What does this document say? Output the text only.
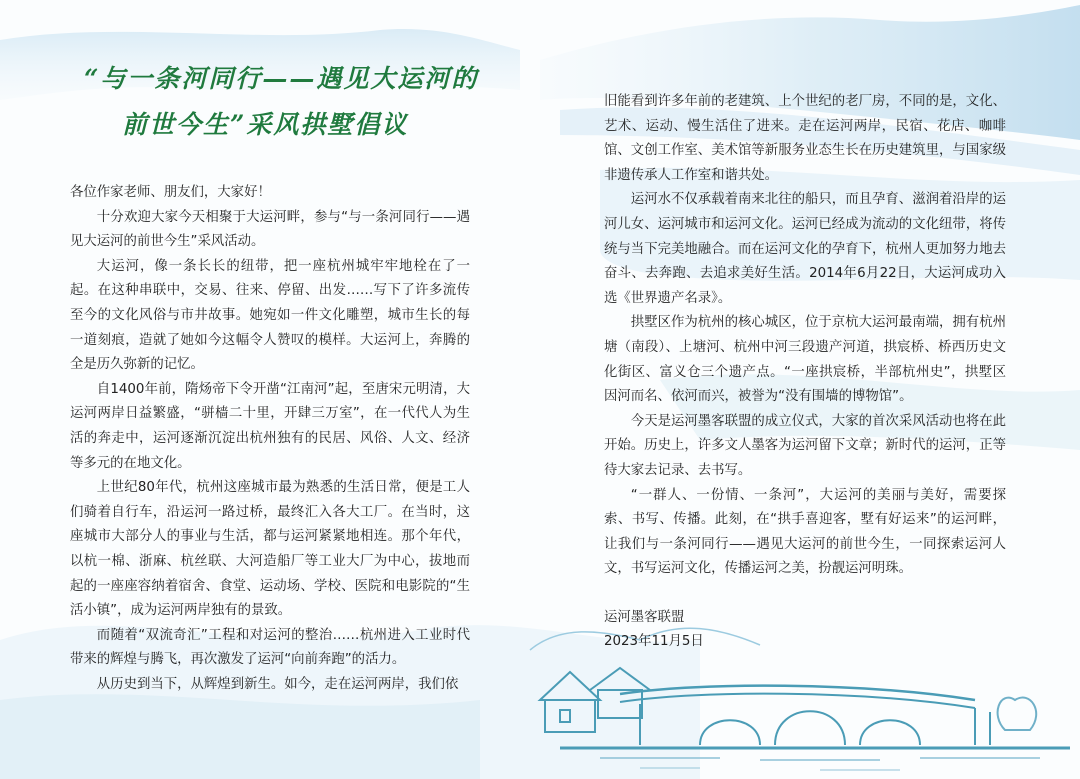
“与一条河同行——遇见大运河的
前世今生”采风拱墅倡议

各位作家老师、朋友们，大家好！

十分欢迎大家今天相聚于大运河畔，参与“与一条河同行——遇见大运河的前世今生”采风活动。

大运河，像一条长长的纽带，把一座杭州城牢牢地栓在了一起。在这种串联中，交易、往来、停留、出发……写下了许多流传至今的文化风俗与市井故事。她宛如一件文化雕塑，城市生长的每一道刻痕，造就了她如今这幅令人赞叹的模样。大运河上，奔腾的全是历久弥新的记忆。

自1400年前，隋炀帝下令开凿“江南河”起，至唐宋元明清，大运河两岸日益繁盛，“骈樯二十里，开肆三万室”，在一代代人为生活的奔走中，运河逐渐沉淀出杭州独有的民居、风俗、人文、经济等多元的在地文化。

上世纪80年代，杭州这座城市最为熟悉的生活日常，便是工人们骑着自行车，沿运河一路过桥，最终汇入各大工厂。在当时，这座城市大部分人的事业与生活，都与运河紧紧地相连。那个年代，以杭一棉、浙麻、杭丝联、大河造船厂等工业大厂为中心，拔地而起的一座座容纳着宿舍、食堂、运动场、学校、医院和电影院的“生活小镇”，成为运河两岸独有的景致。

而随着“双流奇汇”工程和对运河的整治……杭州进入工业时代带来的辉煌与腾飞，再次激发了运河“向前奔跑”的活力。

从历史到当下，从辉煌到新生。如今，走在运河两岸，我们依

旧能看到许多年前的老建筑、上个世纪的老厂房，不同的是，文化、艺术、运动、慢生活住了进来。走在运河两岸，民宿、花店、咖啡馆、文创工作室、美术馆等新服务业态生长在历史建筑里，与国家级非遗传承人工作室和谐共处。

运河水不仅承载着南来北往的船只，而且孕育、滋润着沿岸的运河儿女、运河城市和运河文化。运河已经成为流动的文化纽带，将传统与当下完美地融合。而在运河文化的孕育下，杭州人更加努力地去奋斗、去奔跑、去追求美好生活。2014年6月22日，大运河成功入选《世界遗产名录》。

拱墅区作为杭州的核心城区，位于京杭大运河最南端，拥有杭州塘（南段）、上塘河、杭州中河三段遗产河道，拱宸桥、桥西历史文化街区、富义仓三个遗产点。“一座拱宸桥，半部杭州史”，拱墅区因河而名、依河而兴，被誉为“没有围墙的博物馆”。

今天是运河墨客联盟的成立仪式，大家的首次采风活动也将在此开始。历史上，许多文人墨客为运河留下文章；新时代的运河，正等待大家去记录、去书写。

“一群人、一份情、一条河”，大运河的美丽与美好，需要探索、书写、传播。此刻，在“拱手喜迎客，墅有好运来”的运河畔，让我们与一条河同行——遇见大运河的前世今生，一同探索运河人文，书写运河文化，传播运河之美，扮靓运河明珠。

运河墨客联盟

2023年11月5日
